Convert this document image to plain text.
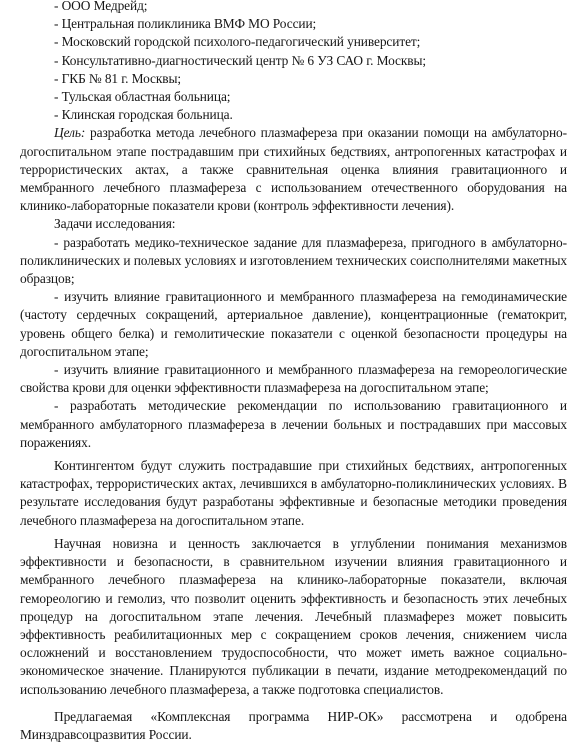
- ООО Медрейд;
- Центральная поликлиника ВМФ МО России;
- Московский городской психолого-педагогический университет;
- Консультативно-диагностический центр № 6 УЗ САО г. Москвы;
- ГКБ № 81 г. Москвы;
- Тульская областная больница;
- Клинская городская больница.

Цель: разработка метода лечебного плазмафереза при оказании помощи на амбулаторно-догоспитальном этапе пострадавшим при стихийных бедствиях, антропогенных катастрофах и террористических актах, а также сравнительная оценка влияния гравитационного и мембранного лечебного плазмафереза с использованием отечественного оборудования на клинико-лабораторные показатели крови (контроль эффективности лечения).

Задачи исследования:

- разработать медико-техническое задание для плазмафереза, пригодного в амбулаторно-поликлинических и полевых условиях и изготовлением технических соисполнителями макетных образцов;

- изучить влияние гравитационного и мембранного плазмафереза на гемодинамические (частоту сердечных сокращений, артериальное давление), концентрационные (гематокрит, уровень общего белка) и гемолитические показатели с оценкой безопасности процедуры на догоспитальном этапе;

- изучить влияние гравитационного и мембранного плазмафереза на гемореологические свойства крови для оценки эффективности плазмафереза на догоспитальном этапе;

- разработать методические рекомендации по использованию гравитационного и мембранного амбулаторного плазмафереза в лечении больных и пострадавших при массовых поражениях.

Контингентом будут служить пострадавшие при стихийных бедствиях, антропогенных катастрофах, террористических актах, лечившихся в амбулаторно-поликлинических условиях. В результате исследования будут разработаны эффективные и безопасные методики проведения лечебного плазмафереза на догоспитальном этапе.

Научная новизна и ценность заключается в углублении понимания механизмов эффективности и безопасности, в сравнительном изучении влияния гравитационного и мембранного лечебного плазмафереза на клинико-лабораторные показатели, включая гемореологию и гемолиз, что позволит оценить эффективность и безопасность этих лечебных процедур на догоспитальном этапе лечения. Лечебный плазмаферез может повысить эффективность реабилитационных мер с сокращением сроков лечения, снижением числа осложнений и восстановлением трудоспособности, что может иметь важное социально-экономическое значение. Планируются публикации в печати, издание методрекомендаций по использованию лечебного плазмафереза, а также подготовка специалистов.

Предлагаемая «Комплексная программа НИР-ОК» рассмотрена и одобрена Минздравсоцразвития России.
